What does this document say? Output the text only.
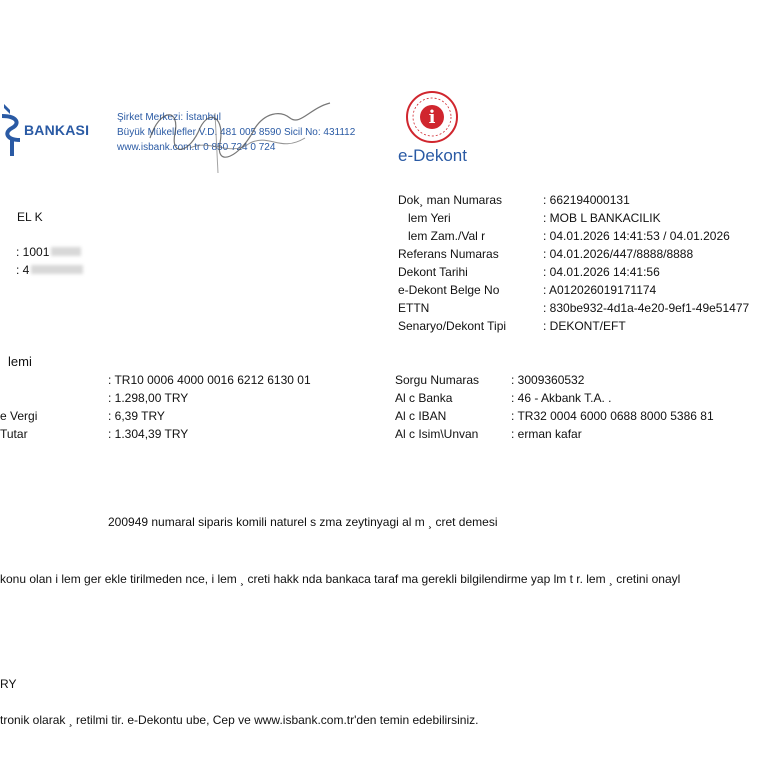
BANKASI
Şirket Merkezi: İstanbul
Büyük Mükellefler V.D. 481 005 8590 Sicil No: 431112
www.isbank.com.tr 0 850 724 0 724
i
e-Dekont
EL K
: 1001
: 4
Dok¸ man Numaras	: 662194000131
lem Yeri	: MOB L BANKACILIK
lem Zam./Val r	: 04.01.2026 14:41:53 / 04.01.2026
Referans Numaras	: 04.01.2026/447/8888/8888
Dekont Tarihi	: 04.01.2026 14:41:56
e-Dekont Belge No	: A012026019171174
ETTN	: 830be932-4d1a-4e20-9ef1-49e51477
Senaryo/Dekont Tipi	: DEKONT/EFT
lemi
: TR10 0006 4000 0016 6212 6130 01
: 1.298,00 TRY
e Vergi	: 6,39 TRY
Tutar	: 1.304,39 TRY
Sorgu Numaras	: 3009360532
Al c Banka	: 46 - Akbank T.A. .
Al c IBAN	: TR32 0004 6000 0688 8000 5386 81
Al c Isim\Unvan	: erman kafar
200949 numaral siparis komili naturel s zma zeytinyagi al m ¸ cret demesi
konu olan i lem ger ekle tirilmeden nce, i lem ¸ creti hakk nda bankaca taraf ma gerekli bilgilendirme yap lm t r. lem ¸ cretini onayl
RY
tronik olarak ¸ retilmi tir. e-Dekontu ube, Cep ve www.isbank.com.tr'den temin edebilirsiniz.
